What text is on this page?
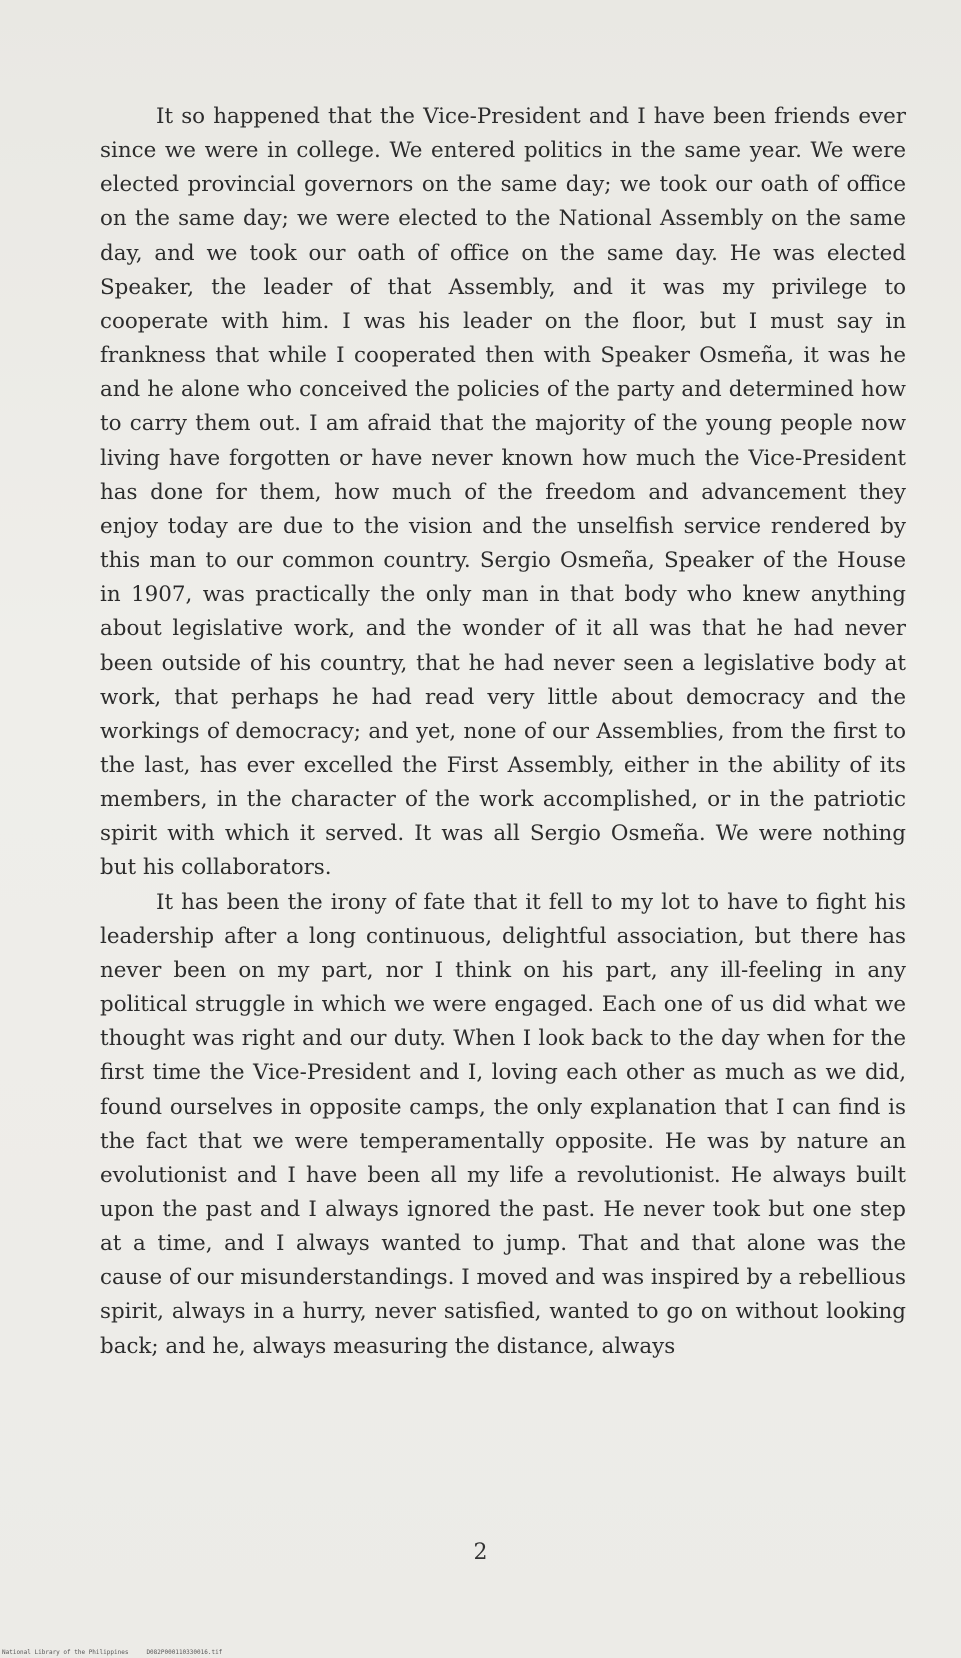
It so happened that the Vice-President and I have been friends ever since we were in college. We entered politics in the same year. We were elected provincial governors on the same day; we took our oath of office on the same day; we were elected to the National Assembly on the same day, and we took our oath of office on the same day. He was elected Speaker, the leader of that Assembly, and it was my privilege to cooperate with him. I was his leader on the floor, but I must say in frankness that while I cooperated then with Speaker Osmeña, it was he and he alone who conceived the policies of the party and determined how to carry them out. I am afraid that the majority of the young people now living have forgotten or have never known how much the Vice-President has done for them, how much of the freedom and advancement they enjoy today are due to the vision and the unselfish service rendered by this man to our common country. Sergio Osmeña, Speaker of the House in 1907, was practically the only man in that body who knew anything about legislative work, and the wonder of it all was that he had never been outside of his country, that he had never seen a legislative body at work, that perhaps he had read very little about democracy and the workings of democracy; and yet, none of our Assemblies, from the first to the last, has ever excelled the First Assembly, either in the ability of its members, in the character of the work accomplished, or in the patriotic spirit with which it served. It was all Sergio Osmeña. We were nothing but his collaborators.

It has been the irony of fate that it fell to my lot to have to fight his leadership after a long continuous, delightful association, but there has never been on my part, nor I think on his part, any ill-feeling in any political struggle in which we were engaged. Each one of us did what we thought was right and our duty. When I look back to the day when for the first time the Vice-President and I, loving each other as much as we did, found ourselves in opposite camps, the only explanation that I can find is the fact that we were temperamentally opposite. He was by nature an evolutionist and I have been all my life a revolutionist. He always built upon the past and I always ignored the past. He never took but one step at a time, and I always wanted to jump. That and that alone was the cause of our misunderstandings. I moved and was inspired by a rebellious spirit, always in a hurry, never satisfied, wanted to go on without looking back; and he, always measuring the distance, always

2
National Library of the Philippines	D082P000110330016.tif
